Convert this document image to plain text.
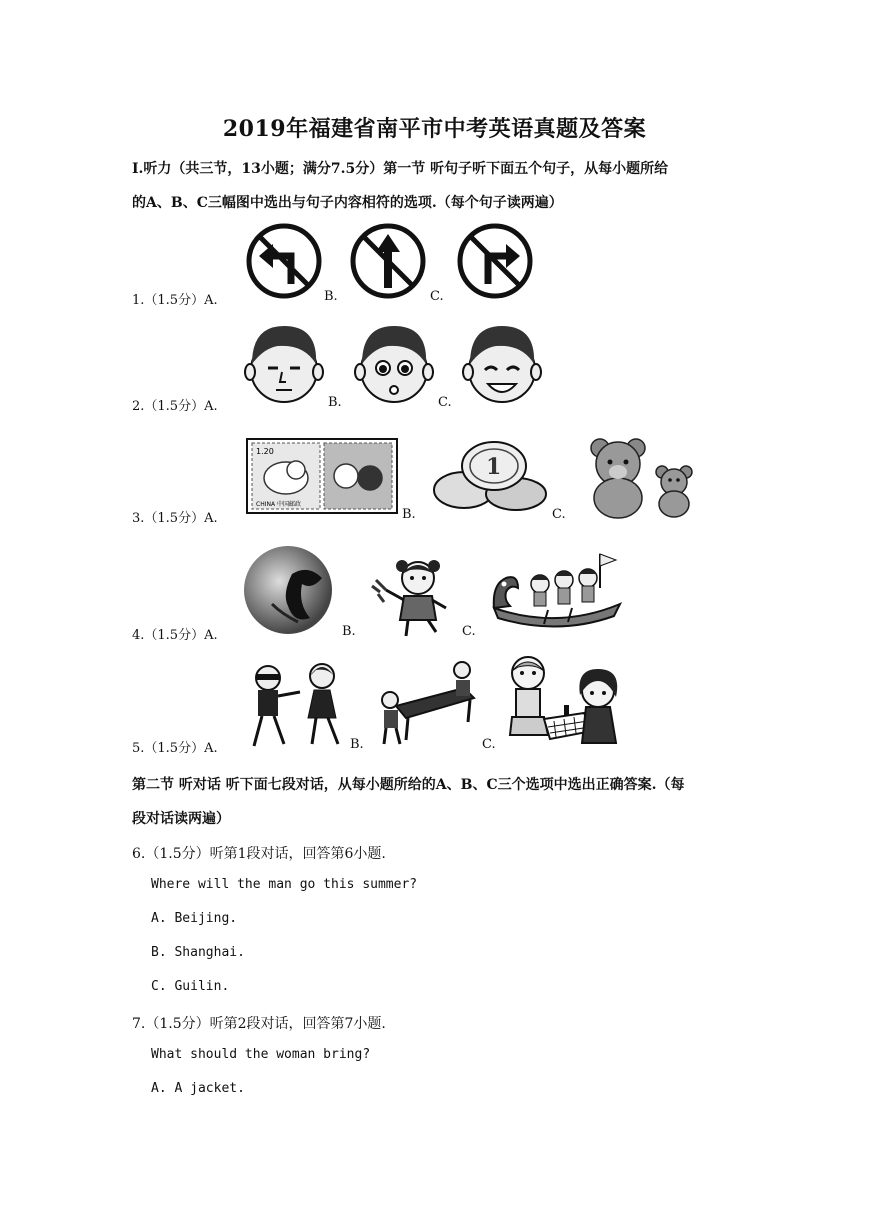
2019年福建省南平市中考英语真题及答案
Ⅰ.听力（共三节，13小题；满分7.5分）第一节 听句子听下面五个句子，从每小题所给
的A、B、C三幅图中选出与句子内容相符的选项.（每个句子读两遍）
1.（1.5分）A.	B.	C.
2.（1.5分）A.	B.	C.
3.（1.5分）A.
1.20
CHINA 中国邮政
B.
1
C.
4.（1.5分）A.	B.	C.
5.（1.5分）A.	B.	C.
第二节 听对话 听下面七段对话，从每小题所给的A、B、C三个选项中选出正确答案.（每
段对话读两遍）
6.（1.5分）听第1段对话，回答第6小题.
Where will the man go this summer?
A. Beijing.
B. Shanghai.
C. Guilin.
7.（1.5分）听第2段对话，回答第7小题.
What should the woman bring?
A. A jacket.
